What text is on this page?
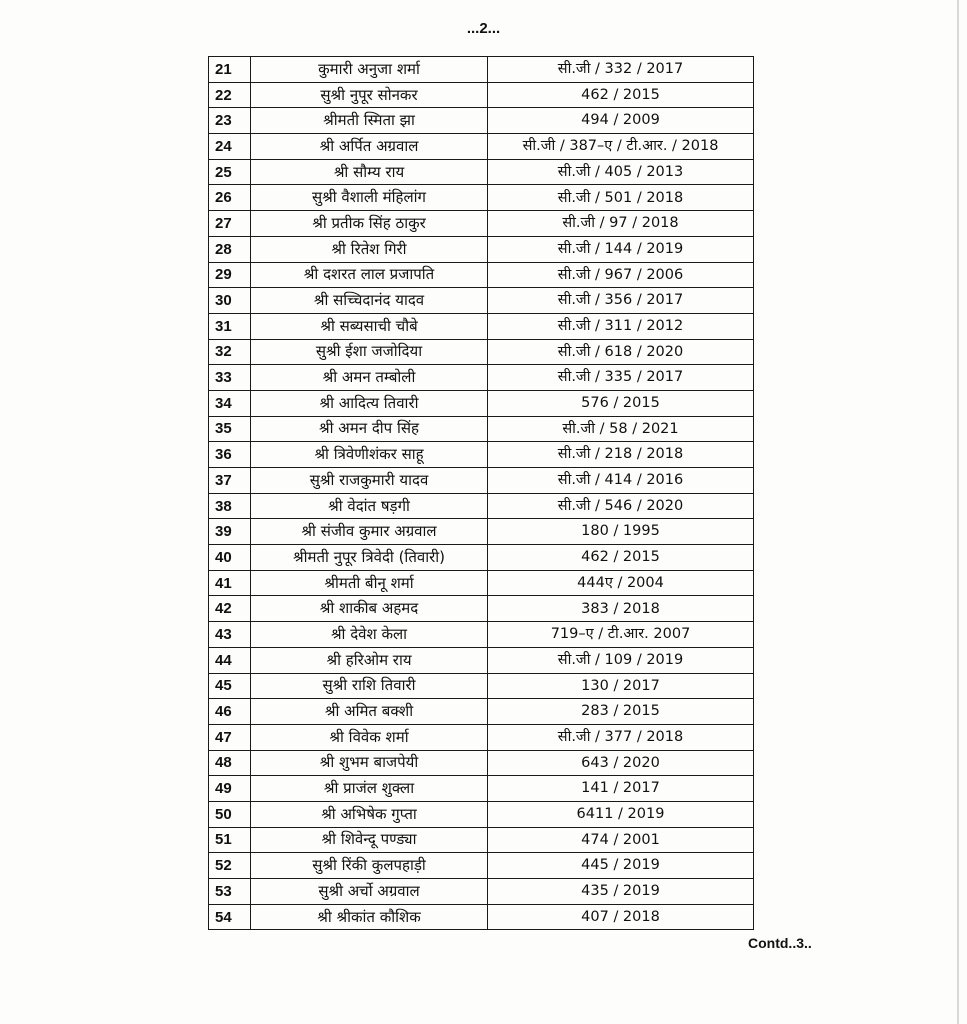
...2...
21	कुमारी अनुजा शर्मा	सी.जी / 332 / 2017
22	सुश्री नुपूर सोनकर	462 / 2015
23	श्रीमती स्मिता झा	494 / 2009
24	श्री अर्पित अग्रवाल	सी.जी / 387–ए / टी.आर. / 2018
25	श्री सौम्य राय	सी.जी / 405 / 2013
26	सुश्री वैशाली मंहिलांग	सी.जी / 501 / 2018
27	श्री प्रतीक सिंह ठाकुर	सी.जी / 97 / 2018
28	श्री रितेश गिरी	सी.जी / 144 / 2019
29	श्री दशरत लाल प्रजापति	सी.जी / 967 / 2006
30	श्री सच्चिदानंद यादव	सी.जी / 356 / 2017
31	श्री सब्यसाची चौबे	सी.जी / 311 / 2012
32	सुश्री ईशा जजोदिया	सी.जी / 618 / 2020
33	श्री अमन तम्बोली	सी.जी / 335 / 2017
34	श्री आदित्य तिवारी	576 / 2015
35	श्री अमन दीप सिंह	सी.जी / 58 / 2021
36	श्री त्रिवेणीशंकर साहू	सी.जी / 218 / 2018
37	सुश्री राजकुमारी यादव	सी.जी / 414 / 2016
38	श्री वेदांत षड़गी	सी.जी / 546 / 2020
39	श्री संजीव कुमार अग्रवाल	180 / 1995
40	श्रीमती नुपूर त्रिवेदी (तिवारी)	462 / 2015
41	श्रीमती बीनू शर्मा	444ए / 2004
42	श्री शाकीब अहमद	383 / 2018
43	श्री देवेश केला	719–ए / टी.आर. 2007
44	श्री हरिओम राय	सी.जी / 109 / 2019
45	सुश्री राशि तिवारी	130 / 2017
46	श्री अमित बक्शी	283 / 2015
47	श्री विवेक शर्मा	सी.जी / 377 / 2018
48	श्री शुभम बाजपेयी	643 / 2020
49	श्री प्राजंल शुक्ला	141 / 2017
50	श्री अभिषेक गुप्ता	6411 / 2019
51	श्री शिवेन्दू पण्ड्या	474 / 2001
52	सुश्री रिंकी कुलपहाड़ी	445 / 2019
53	सुश्री अर्चो अग्रवाल	435 / 2019
54	श्री श्रीकांत कौशिक	407 / 2018
Contd..3..
